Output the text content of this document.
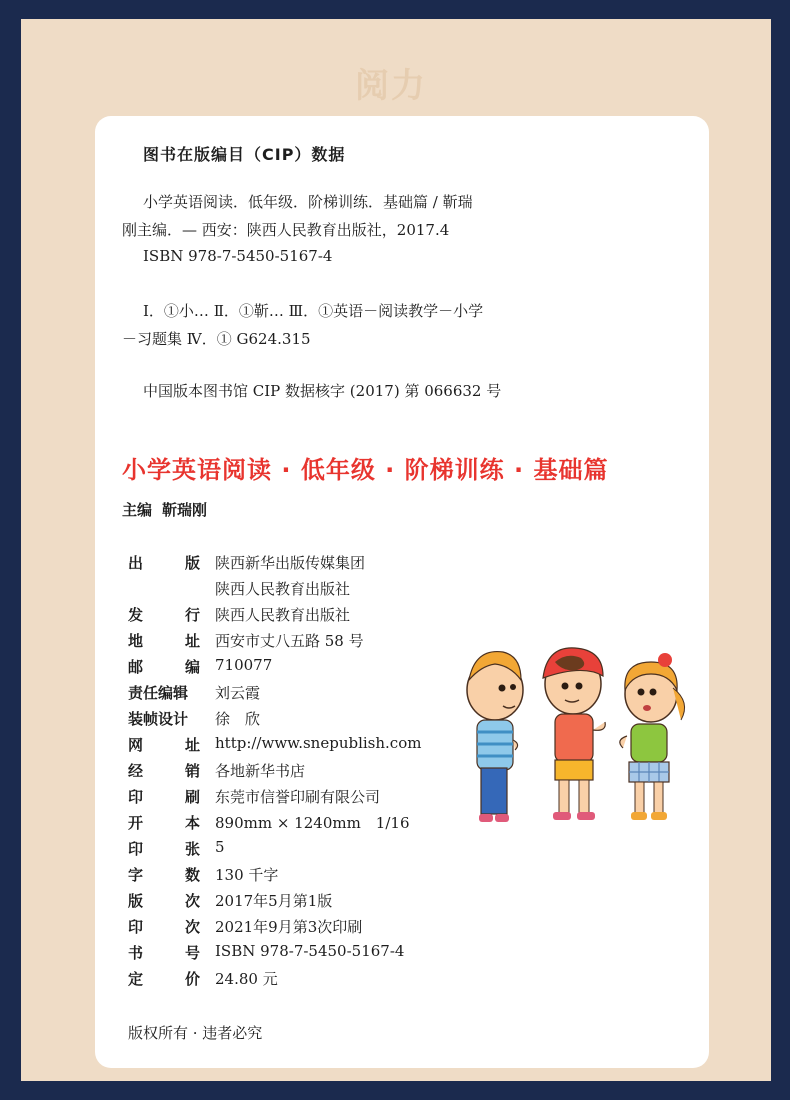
阅力
图书在版编目（CIP）数据
小学英语阅读．低年级．阶梯训练．基础篇 / 靳瑞
刚主编．— 西安：陕西人民教育出版社，2017.4
ISBN 978-7-5450-5167-4
Ⅰ．①小… Ⅱ．①靳… Ⅲ．①英语－阅读教学－小学
－习题集 Ⅳ．① G624.315
中国版本图书馆 CIP 数据核字 (2017) 第 066632 号
小学英语阅读 · 低年级 · 阶梯训练 · 基础篇
主编 靳瑞刚
出	版 陕西新华出版传媒集团
陕西人民教育出版社
发	行 陕西人民教育出版社
地	址 西安市丈八五路 58 号
邮	编 710077
责任编辑	刘云霞
装帧设计	徐　欣
网	址 http://www.snepublish.com
经	销 各地新华书店
印	刷 东莞市信誉印刷有限公司
开	本 890mm × 1240mm　1/16
印	张 5
字	数 130 千字
版	次 2017年5月第1版
印	次 2021年9月第3次印刷
书	号 ISBN 978-7-5450-5167-4
定	价 24.80 元
版权所有 · 违者必究
